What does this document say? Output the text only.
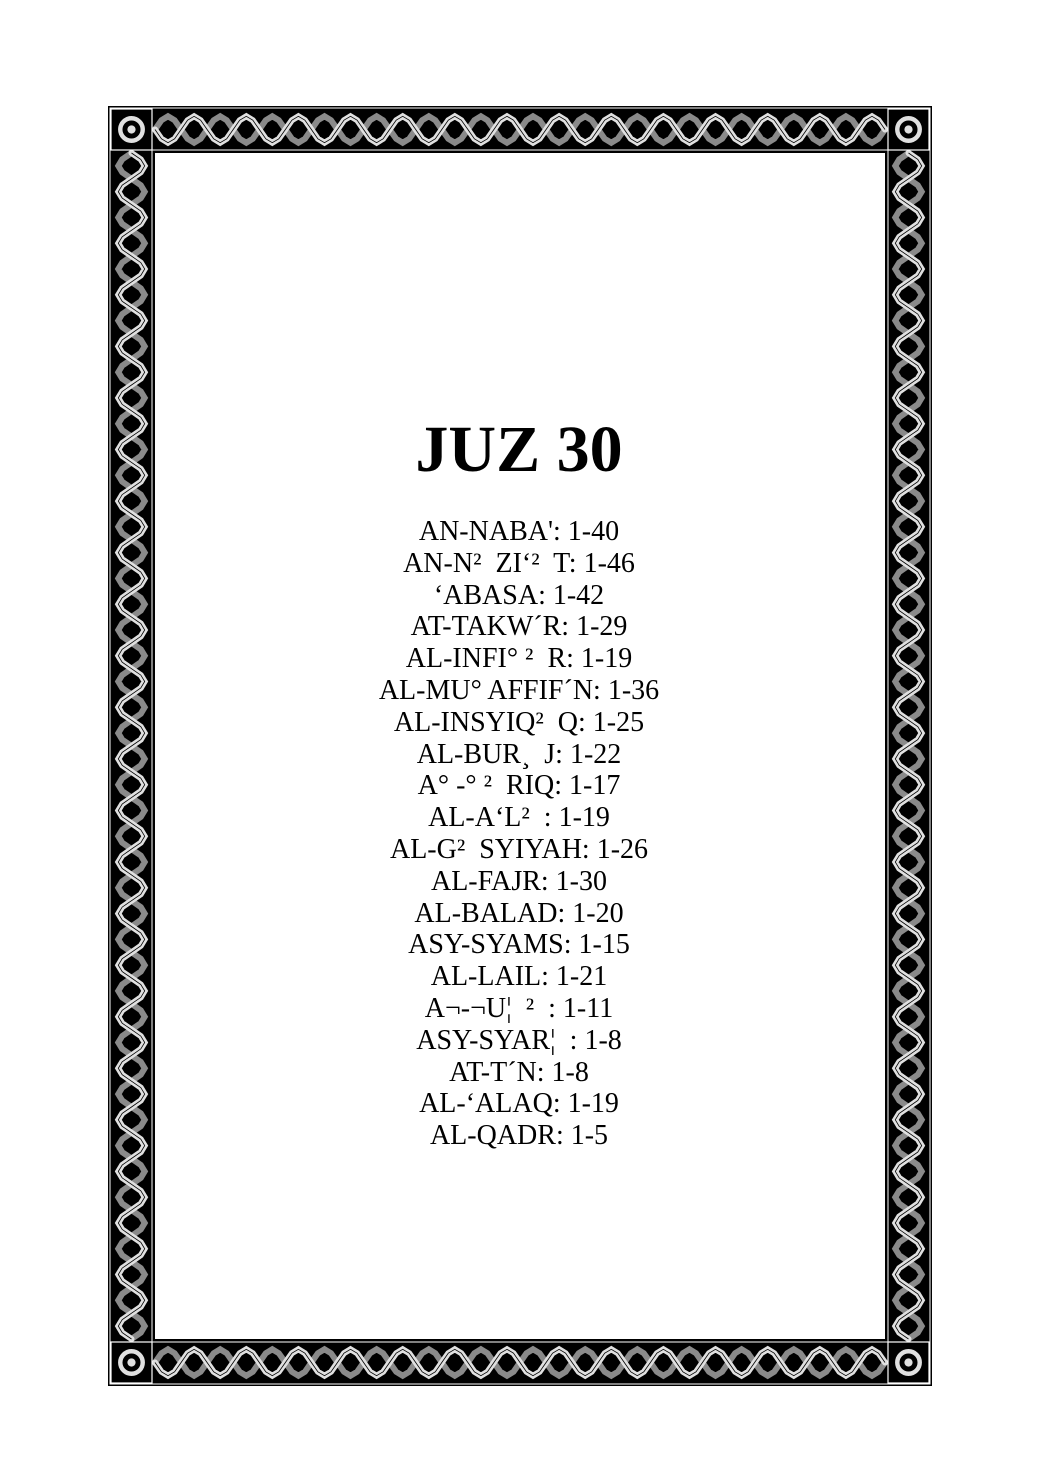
JUZ 30
AN-NABA': 1-40
AN-N²  ZI‘²  T: 1-46
‘ABASA: 1-42
AT-TAKW´R: 1-29
AL-INFI° ²  R: 1-19
AL-MU° AFFIF´N: 1-36
AL-INSYIQ²  Q: 1-25
AL-BUR¸  J: 1-22
A° -° ²  RIQ: 1-17
AL-A‘L²  : 1-19
AL-G²  SYIYAH: 1-26
AL-FAJR: 1-30
AL-BALAD: 1-20
ASY-SYAMS: 1-15
AL-LAIL: 1-21
A¬-¬U¦  ²  : 1-11
ASY-SYAR¦  : 1-8
AT-T´N: 1-8
AL-‘ALAQ: 1-19
AL-QADR: 1-5
